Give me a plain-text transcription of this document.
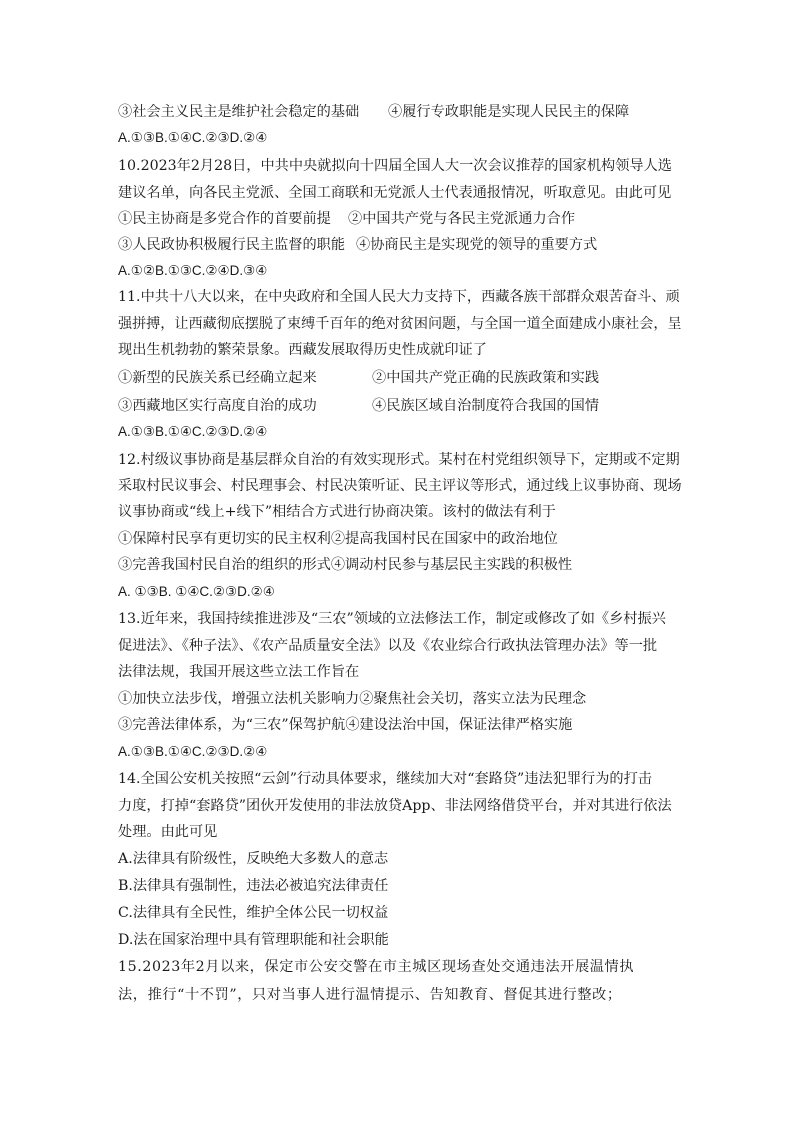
③社会主义民主是维护社会稳定的基础 ④履行专政职能是实现人民民主的保障
A.①③B.①④C.②③D.②④
10.2023年2月28日，中共中央就拟向十四届全国人大一次会议推荐的国家机构领导人选
建议名单，向各民主党派、全国工商联和无党派人士代表通报情况，听取意见。由此可见
①民主协商是多党合作的首要前提 ②中国共产党与各民主党派通力合作
③人民政协积极履行民主监督的职能 ④协商民主是实现党的领导的重要方式
A.①②B.①③C.②④D.③④
11.中共十八大以来，在中央政府和全国人民大力支持下，西藏各族干部群众艰苦奋斗、顽
强拼搏，让西藏彻底摆脱了束缚千百年的绝对贫困问题，与全国一道全面建成小康社会，呈
现出生机勃勃的繁荣景象。西藏发展取得历史性成就印证了
①新型的民族关系已经确立起来	②中国共产党正确的民族政策和实践
③西藏地区实行高度自治的成功	④民族区域自治制度符合我国的国情
A.①③B.①④C.②③D.②④
12.村级议事协商是基层群众自治的有效实现形式。某村在村党组织领导下，定期或不定期
采取村民议事会、村民理事会、村民决策听证、民主评议等形式，通过线上议事协商、现场
议事协商或“线上+线下”相结合方式进行协商决策。该村的做法有利于
①保障村民享有更切实的民主权利②提高我国村民在国家中的政治地位
③完善我国村民自治的组织的形式④调动村民参与基层民主实践的积极性
A. ①③B. ①④C.②③D.②④
13.近年来，我国持续推进涉及“三农”领域的立法修法工作，制定或修改了如《乡村振兴
促进法》、《种子法》、《农产品质量安全法》以及《农业综合行政执法管理办法》等一批
法律法规，我国开展这些立法工作旨在
①加快立法步伐，增强立法机关影响力②聚焦社会关切，落实立法为民理念
③完善法律体系，为“三农”保驾护航④建设法治中国，保证法律严格实施
A.①③B.①④C.②③D.②④
14.全国公安机关按照“云剑”行动具体要求，继续加大对“套路贷”违法犯罪行为的打击
力度，打掉“套路贷”团伙开发使用的非法放贷App、非法网络借贷平台，并对其进行依法
处理。由此可见
A.法律具有阶级性，反映绝大多数人的意志
B.法律具有强制性，违法必被追究法律责任
C.法律具有全民性，维护全体公民一切权益
D.法在国家治理中具有管理职能和社会职能
15.2023年2月以来，保定市公安交警在市主城区现场查处交通违法开展温情执
法，推行“十不罚”，只对当事人进行温情提示、告知教育、督促其进行整改；
